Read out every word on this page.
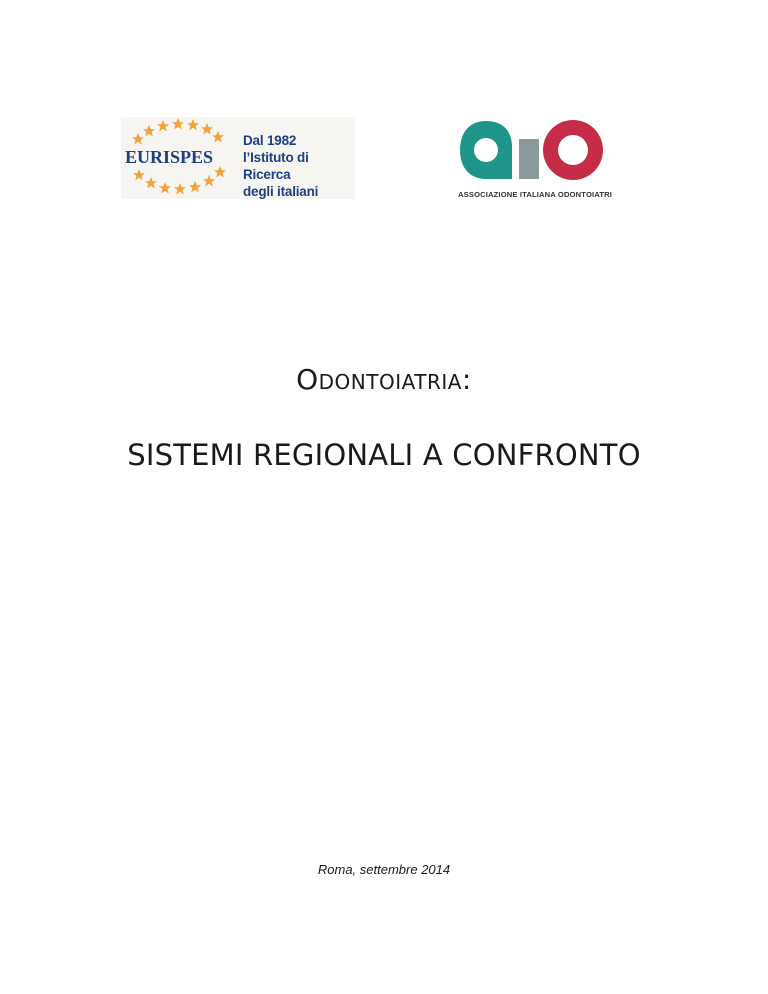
EURISPES
Dal 1982
l’Istituto di Ricerca
degli italiani	ASSOCIAZIONE ITALIANA ODONTOIATRI
Odontoiatria:
SISTEMI REGIONALI A CONFRONTO
Roma, settembre 2014
